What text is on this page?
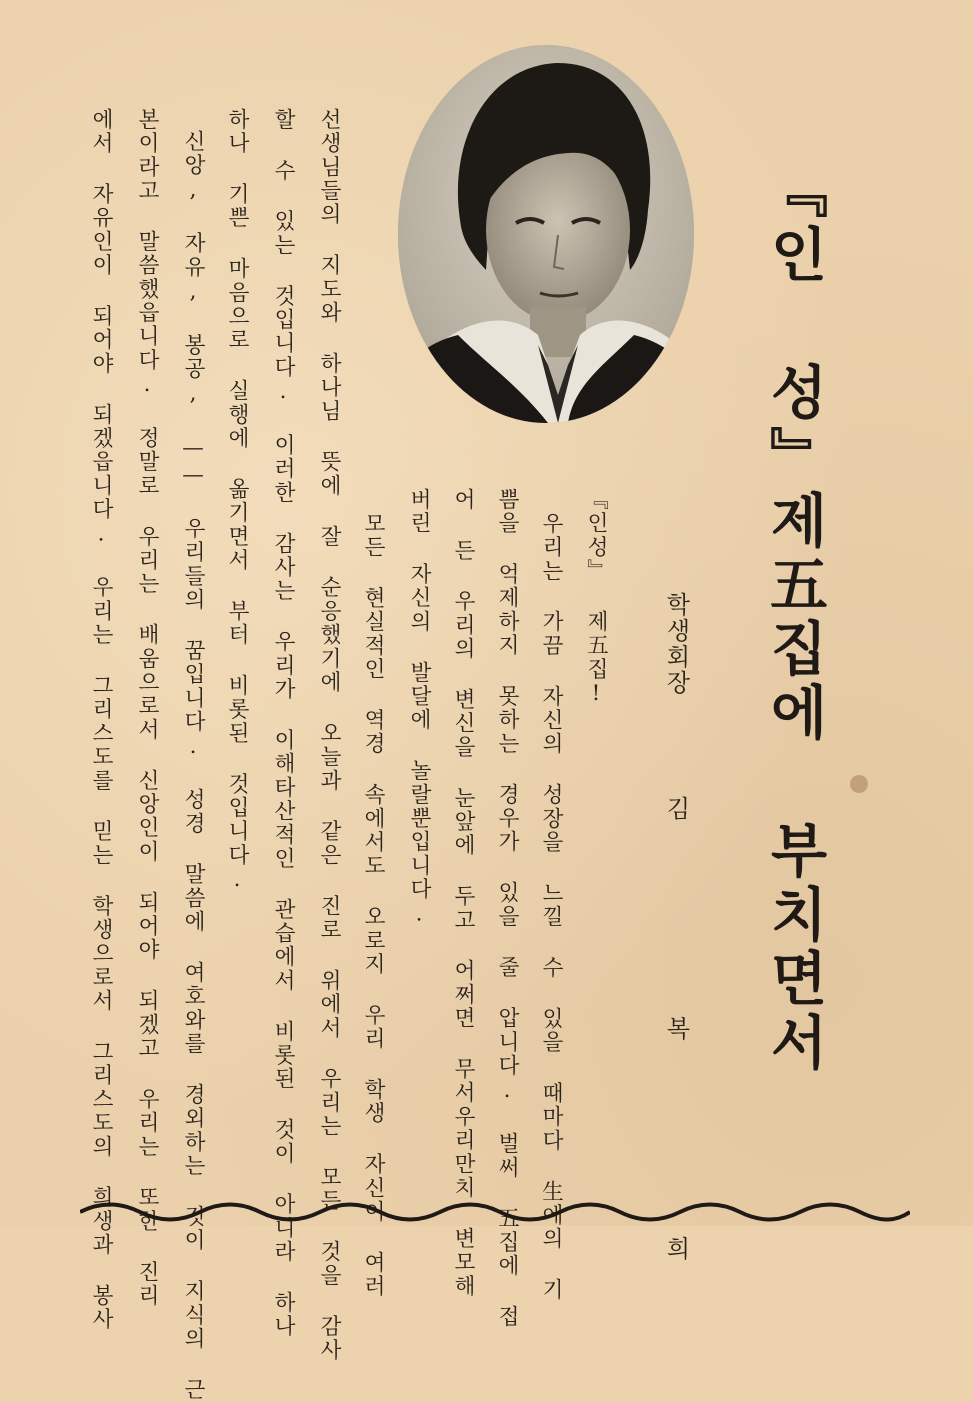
『인 성』제五집에 부치면서
학생회장 김 복 희
『인성』 제五집!
우리는 가끔 자신의 성장을 느낄 수 있을 때마다 生에의 기
쁨을 억제하지 못하는 경우가 있을 줄 압니다. 벌써 五집에 접
어 든 우리의 변신을 눈앞에 두고 어쩌면 무서우리만치 변모해
버린 자신의 발달에 놀랄뿐입니다.
모든 현실적인 역경 속에서도 오로지 우리 학생 자신이 여러
선생님들의 지도와 하나님 뜻에 잘 순응했기에 오늘과 같은 진로 위에서 우리는 모든 것을 감사
할 수 있는 것입니다. 이러한 감사는 우리가 이해타산적인 관습에서 비롯된 것이 아니라 하나
하나 기쁜 마음으로 실행에 옮기면서 부터 비롯된 것입니다.
신앙, 자유, 봉공, —— 우리들의 꿈입니다. 성경 말씀에 여호와를 경외하는 것이 지식의 근
본이라고 말씀했읍니다. 정말로 우리는 배움으로서 신앙인이 되어야 되겠고 우리는 또한 진리
에서 자유인이 되어야 되겠읍니다. 우리는 그리스도를 믿는 학생으로서 그리스도의 희생과 봉사
